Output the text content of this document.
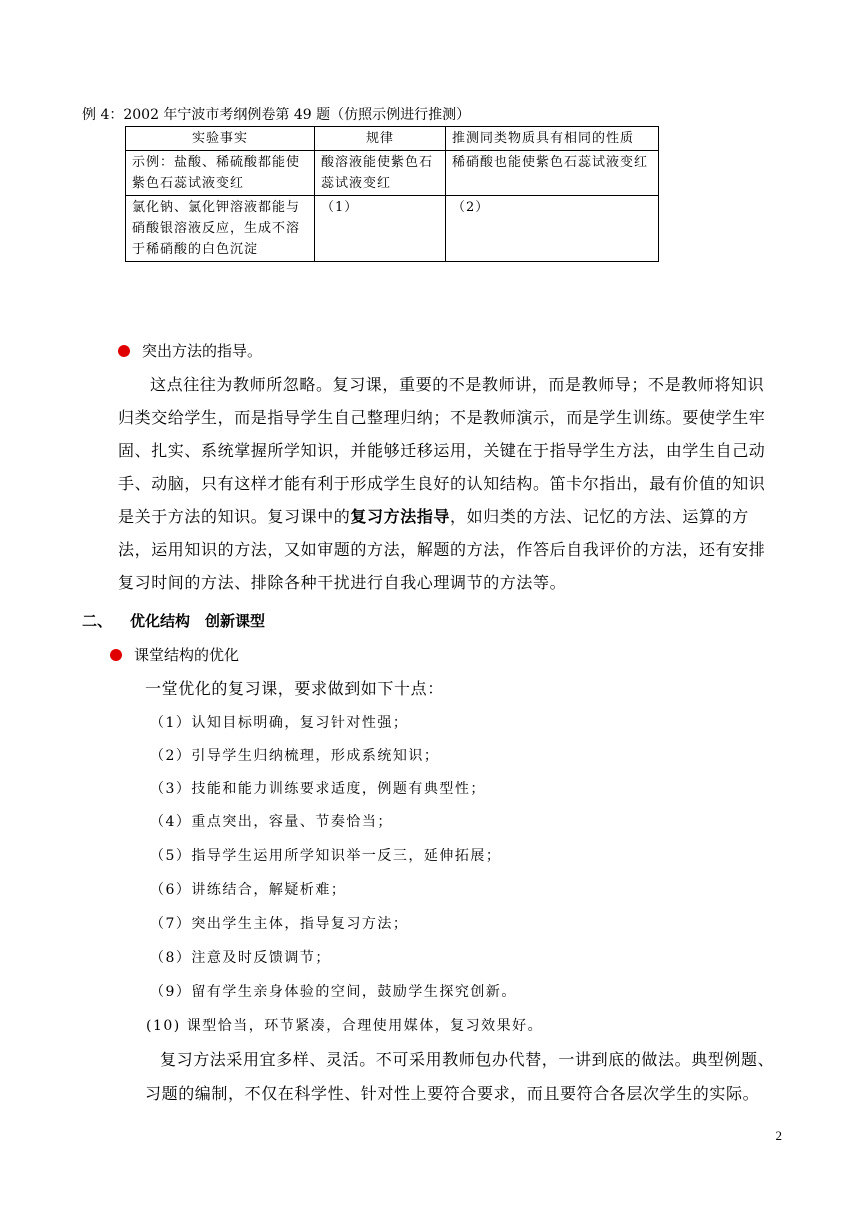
例 4：2002 年宁波市考纲例卷第 49 题（仿照示例进行推测）
实验事实	规律	推测同类物质具有相同的性质
示例：盐酸、稀硫酸都能使紫色石蕊试液变红	酸溶液能使紫色石蕊试液变红	稀硝酸也能使紫色石蕊试液变红
氯化钠、氯化钾溶液都能与硝酸银溶液反应，生成不溶于稀硝酸的白色沉淀	（1）	（2）
突出方法的指导。
这点往往为教师所忽略。复习课，重要的不是教师讲，而是教师导；不是教师将知识归类交给学生，而是指导学生自己整理归纳；不是教师演示，而是学生训练。要使学生牢固、扎实、系统掌握所学知识，并能够迁移运用，关键在于指导学生方法，由学生自己动手、动脑，只有这样才能有利于形成学生良好的认知结构。笛卡尔指出，最有价值的知识是关于方法的知识。复习课中的复习方法指导，如归类的方法、记忆的方法、运算的方法，运用知识的方法，又如审题的方法，解题的方法，作答后自我评价的方法，还有安排复习时间的方法、排除各种干扰进行自我心理调节的方法等。
二、 优化结构　创新课型
课堂结构的优化
一堂优化的复习课，要求做到如下十点：
（1）认知目标明确，复习针对性强；
（2）引导学生归纳梳理，形成系统知识；
（3）技能和能力训练要求适度，例题有典型性；
（4）重点突出，容量、节奏恰当；
（5）指导学生运用所学知识举一反三，延伸拓展；
（6）讲练结合，解疑析难；
（7）突出学生主体，指导复习方法；
（8）注意及时反馈调节；
（9）留有学生亲身体验的空间，鼓励学生探究创新。
(10) 课型恰当，环节紧凑，合理使用媒体，复习效果好。
复习方法采用宜多样、灵活。不可采用教师包办代替，一讲到底的做法。典型例题、
习题的编制，不仅在科学性、针对性上要符合要求，而且要符合各层次学生的实际。
2
